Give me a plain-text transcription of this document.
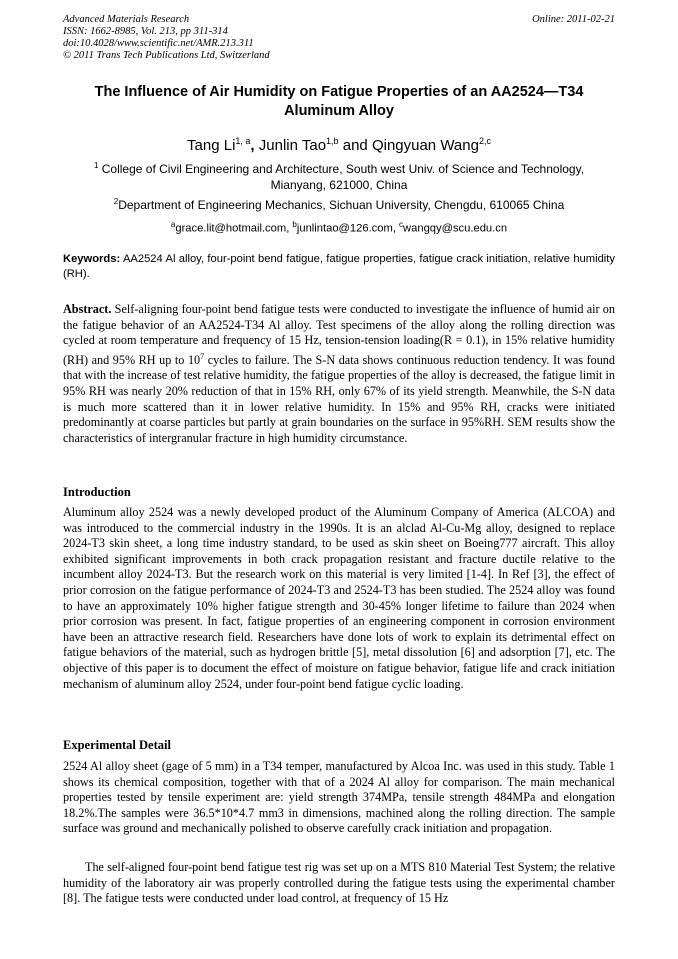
Advanced Materials Research
ISSN: 1662-8985, Vol. 213, pp 311-314
doi:10.4028/www.scientific.net/AMR.213.311
© 2011 Trans Tech Publications Ltd, Switzerland
Online: 2011-02-21
The Influence of Air Humidity on Fatigue Properties of an AA2524—T34
Aluminum Alloy
Tang Li$^{1, a}$, Junlin Tao$^{1,b}$ and Qingyuan Wang$^{2,c}$
$^1$ College of Civil Engineering and Architecture, South west Univ. of Science and Technology,
Mianyang, 621000, China
$^2$Department of Engineering Mechanics, Sichuan University, Chengdu, 610065 China
$^a$grace.lit@hotmail.com, $^b$junlintao@126.com, $^c$wangqy@scu.edu.cn
Keywords: AA2524 Al alloy, four-point bend fatigue, fatigue properties, fatigue crack initiation, relative humidity (RH).
Abstract. Self-aligning four-point bend fatigue tests were conducted to investigate the influence of humid air on the fatigue behavior of an AA2524-T34 Al alloy. Test specimens of the alloy along the rolling direction was cycled at room temperature and frequency of 15 Hz, tension-tension loading(R = 0.1), in 15% relative humidity (RH) and 95% RH up to $10^7$ cycles to failure. The S-N data shows continuous reduction tendency. It was found that with the increase of test relative humidity, the fatigue properties of the alloy is decreased, the fatigue limit in 95% RH was nearly 20% reduction of that in 15% RH, only 67% of its yield strength. Meanwhile, the S-N data is much more scattered than it in lower relative humidity. In 15% and 95% RH, cracks were initiated predominantly at coarse particles but partly at grain boundaries on the surface in 95%RH. SEM results show the characteristics of intergranular fracture in high humidity circumstance.
Introduction
Aluminum alloy 2524 was a newly developed product of the Aluminum Company of America (ALCOA) and was introduced to the commercial industry in the 1990s. It is an alclad Al-Cu-Mg alloy, designed to replace 2024-T3 skin sheet, a long time industry standard, to be used as skin sheet on Boeing777 aircraft. This alloy exhibited significant improvements in both crack propagation resistant and fracture ductile relative to the incumbent alloy 2024-T3. But the research work on this material is very limited [1-4]. In Ref [3], the effect of prior corrosion on the fatigue performance of 2024-T3 and 2524-T3 has been studied. The 2524 alloy was found to have an approximately 10% higher fatigue strength and 30-45% longer lifetime to failure than 2024 when prior corrosion was present. In fact, fatigue properties of an engineering component in corrosion environment have been an attractive research field. Researchers have done lots of work to explain its detrimental effect on fatigue behaviors of the material, such as hydrogen brittle [5], metal dissolution [6] and adsorption [7], etc. The objective of this paper is to document the effect of moisture on fatigue behavior, fatigue life and crack initiation mechanism of aluminum alloy 2524, under four-point bend fatigue cyclic loading.
Experimental Detail
2524 Al alloy sheet (gage of 5 mm) in a T34 temper, manufactured by Alcoa Inc. was used in this study. Table 1 shows its chemical composition, together with that of a 2024 Al alloy for comparison. The main mechanical properties tested by tensile experiment are: yield strength 374MPa, tensile strength 484MPa and elongation 18.2%.The samples were 36.5*10*4.7 mm3 in dimensions, machined along the rolling direction. The sample surface was ground and mechanically polished to observe carefully crack initiation and propagation.
The self-aligned four-point bend fatigue test rig was set up on a MTS 810 Material Test System; the relative humidity of the laboratory air was properly controlled during the fatigue tests using the experimental chamber [8]. The fatigue tests were conducted under load control, at frequency of 15 Hz
